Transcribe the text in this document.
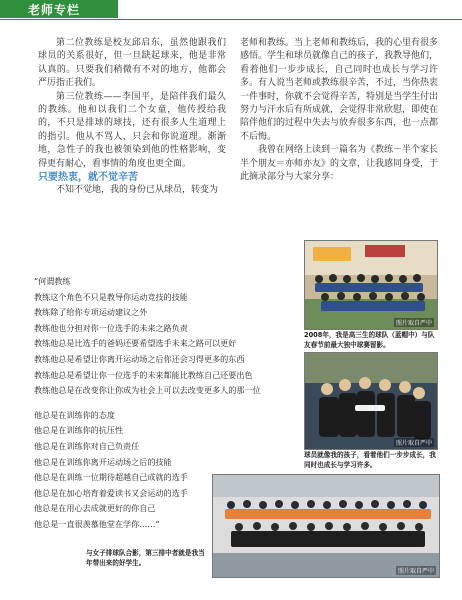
老师专栏

第二位教练是校友邱启东，虽然他跟我们球员的关系很好，但一旦缺起球来，他是非常认真的。只要我们稍微有不对的地方，他都会严厉指正我们。

第三位教练——李国平，是陪伴我们最久的教练。他和以我们二个女童，他传授给我的，不只是排球的球技，还有很多人生道理上的指引。他从不骂人，只会和你说道理。渐渐地，急性子的我也被领染到他的性格影响，变得更有耐心，看事情的角度也更全面。

只要热衷，就不觉辛苦

不知不觉地，我的身份已从球员，转变为

老师和教练。当上老师和教练后，我的心里有很多感悟。学生和球员就像自己的孩子，我教导他们，看着他们一步步成长，自己同时也成长与学习许多。有人说当老师或教练很辛苦，不过，当你热衷一件事时，你就不会觉得辛苦，特别是当学生付出努力与汗水后有所成就，会觉得非常欣慰，即使在陪伴他们的过程中失去与放弃很多东西，也一点都不后悔。

我曾在网络上读到一篇名为《教练－半个家长半个朋友＝亦师亦友》的文章，让我感同身受，于此摘录部分与大家分享：

“何谓教练
教练这个角色不只是教导你运动竞技的技能
教练除了给你专项运动建议之外
教练他也分担对你一位选手的未来之路负责
教练他总是比选手的爸妈还要希望选手未来之路可以更好
教练他总是希望让你离开运动场之后你还会习得更多的东西
教练他总是希望让你一位选手的未来都能比教练自己还要出色
教练他总是在改变你让你成为社会上可以去改变更多人的那一位
他总是在训练你的态度
他总是在训练你的抗压性
他总是在训练你对自己负责任
他总是在训练你离开运动场之后的技能
他总是在训练一位期待超越自己成就的选手
他总是在加心培育着爱读书又会运动的选手
他总是在用心去成就更好的你自己
他总是一直很羡慕他堂在学你……”
照片取自严中
2008年，我是高三生的球队（蓝帽中）与队友春节前最大独中球赛留影。
照片取自严中
球员就像我的孩子，看着他们一步步成长，我同时也成长与学习许多。
照片取自严中
与女子排球队合影，第三排中者就是我当年带出来的好学生。
